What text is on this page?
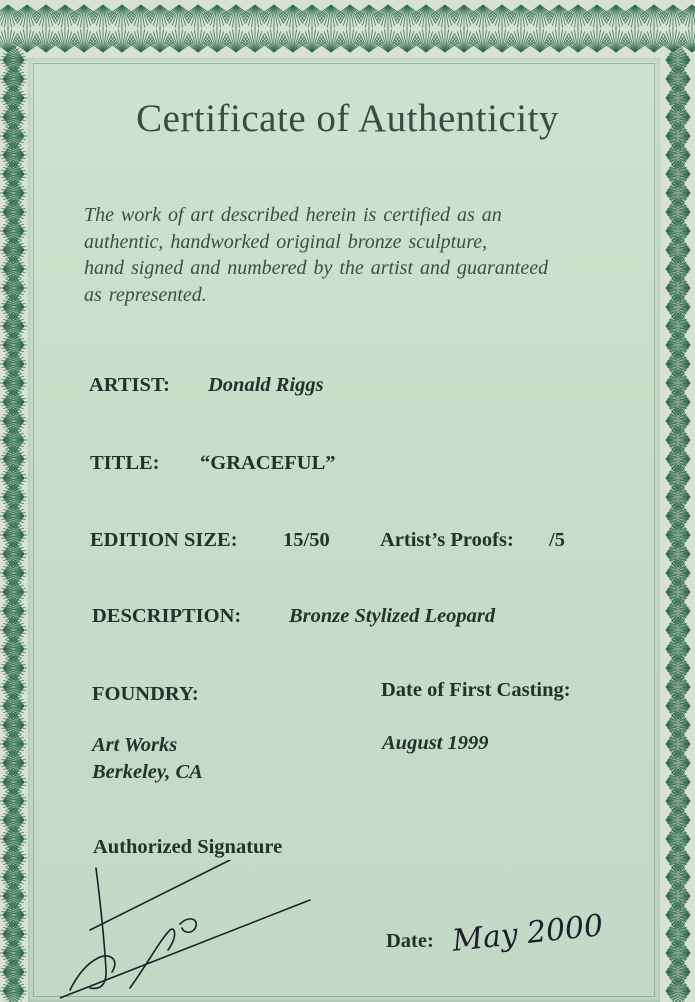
Certificate of Authenticity
The work of art described herein is certified as an
authentic, handworked original bronze sculpture,
hand signed and numbered by the artist and guaranteed
as represented.
ARTIST: Donald Riggs
TITLE: “GRACEFUL”
EDITION SIZE: 15/50 Artist’s Proofs: /5
DESCRIPTION: Bronze Stylized Leopard
FOUNDRY:	Date of First Casting:
Art Works
Berkeley, CA
August 1999
Authorized Signature
Date: May 2000
